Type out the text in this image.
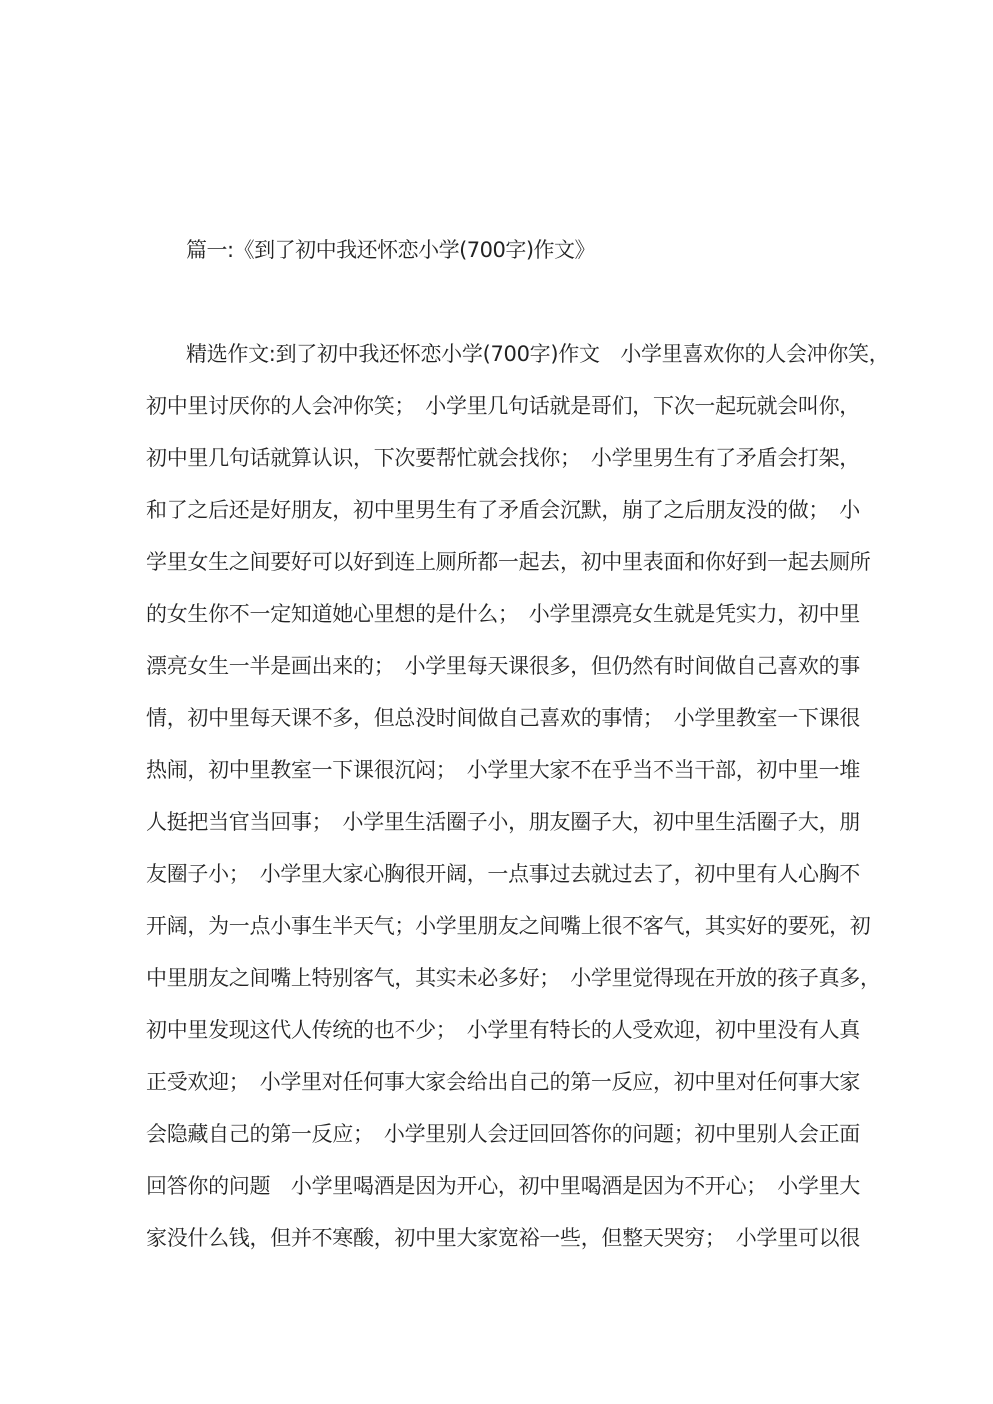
篇一:《到了初中我还怀恋小学(700字)作文》
精选作文:到了初中我还怀恋小学(700字)作文　小学里喜欢你的人会冲你笑，
初中里讨厌你的人会冲你笑；　小学里几句话就是哥们，下次一起玩就会叫你，
初中里几句话就算认识，下次要帮忙就会找你；　小学里男生有了矛盾会打架，
和了之后还是好朋友，初中里男生有了矛盾会沉默，崩了之后朋友没的做；　小
学里女生之间要好可以好到连上厕所都一起去，初中里表面和你好到一起去厕所
的女生你不一定知道她心里想的是什么；　小学里漂亮女生就是凭实力，初中里
漂亮女生一半是画出来的；　小学里每天课很多，但仍然有时间做自己喜欢的事
情，初中里每天课不多，但总没时间做自己喜欢的事情；　小学里教室一下课很
热闹，初中里教室一下课很沉闷；　小学里大家不在乎当不当干部，初中里一堆
人挺把当官当回事；　小学里生活圈子小，朋友圈子大，初中里生活圈子大，朋
友圈子小；　小学里大家心胸很开阔，一点事过去就过去了，初中里有人心胸不
开阔，为一点小事生半天气；小学里朋友之间嘴上很不客气，其实好的要死，初
中里朋友之间嘴上特别客气，其实未必多好；　小学里觉得现在开放的孩子真多，
初中里发现这代人传统的也不少；　小学里有特长的人受欢迎，初中里没有人真
正受欢迎；　小学里对任何事大家会给出自己的第一反应，初中里对任何事大家
会隐藏自己的第一反应；　小学里别人会迂回回答你的问题；初中里别人会正面
回答你的问题　小学里喝酒是因为开心，初中里喝酒是因为不开心；　小学里大
家没什么钱，但并不寒酸，初中里大家宽裕一些，但整天哭穷；　小学里可以很
